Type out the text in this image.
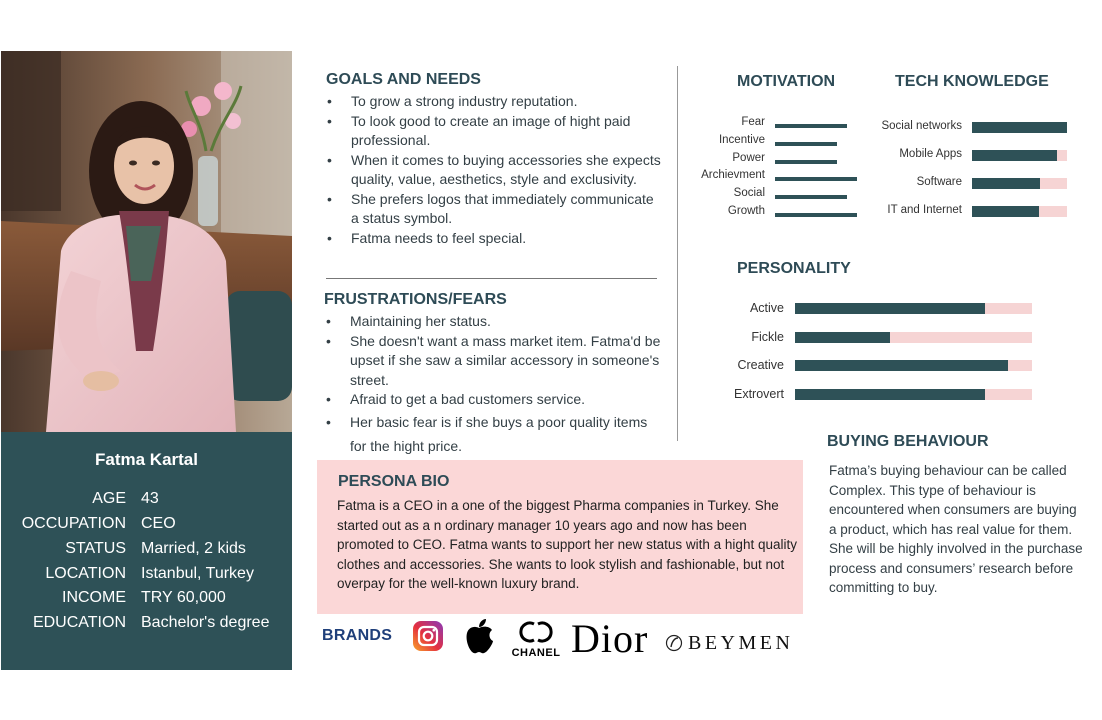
Fatma Kartal
AGE 43
OCCUPATION CEO
STATUS Married, 2 kids
LOCATION Istanbul, Turkey
INCOME TRY 60,000
EDUCATION Bachelor's degree
GOALS AND NEEDS
• To grow a strong industry reputation.
• To look good to create an image of hight paid professional.
• When it comes to buying accessories she expects quality, value, aesthetics, style and exclusivity.
• She prefers logos that immediately communicate a status symbol.
• Fatma needs to feel special.
FRUSTRATIONS/FEARS
• Maintaining her status.
• She doesn't want a mass market item. Fatma'd be upset if she saw a similar accessory in someone's street.
• Afraid to get a bad customers service.
• Her basic fear is if she buys a poor quality items for the hight price.
MOTIVATION
Fear
Incentive
Power
Archievment
Social
Growth
TECH KNOWLEDGE
Social networks
Mobile Apps
Software
IT and Internet
PERSONALITY
Active
Fickle
Creative
Extrovert
BUYING BEHAVIOUR
Fatma’s buying behaviour can be called Complex. This type of behaviour is encountered when consumers are buying a product, which has real value for them. She will be highly involved in the purchase process and consumers’ research before committing to buy.
PERSONA BIO
Fatma is a CEO in a one of the biggest Pharma companies in Turkey. She started out as a n ordinary manager 10 years ago and now has been promoted to CEO. Fatma wants to support her new status with a hight quality clothes and accessories. She wants to look stylish and fashionable, but not overpay for the well-known luxury brand.
BRANDS
CHANEL Dior BEYMEN
